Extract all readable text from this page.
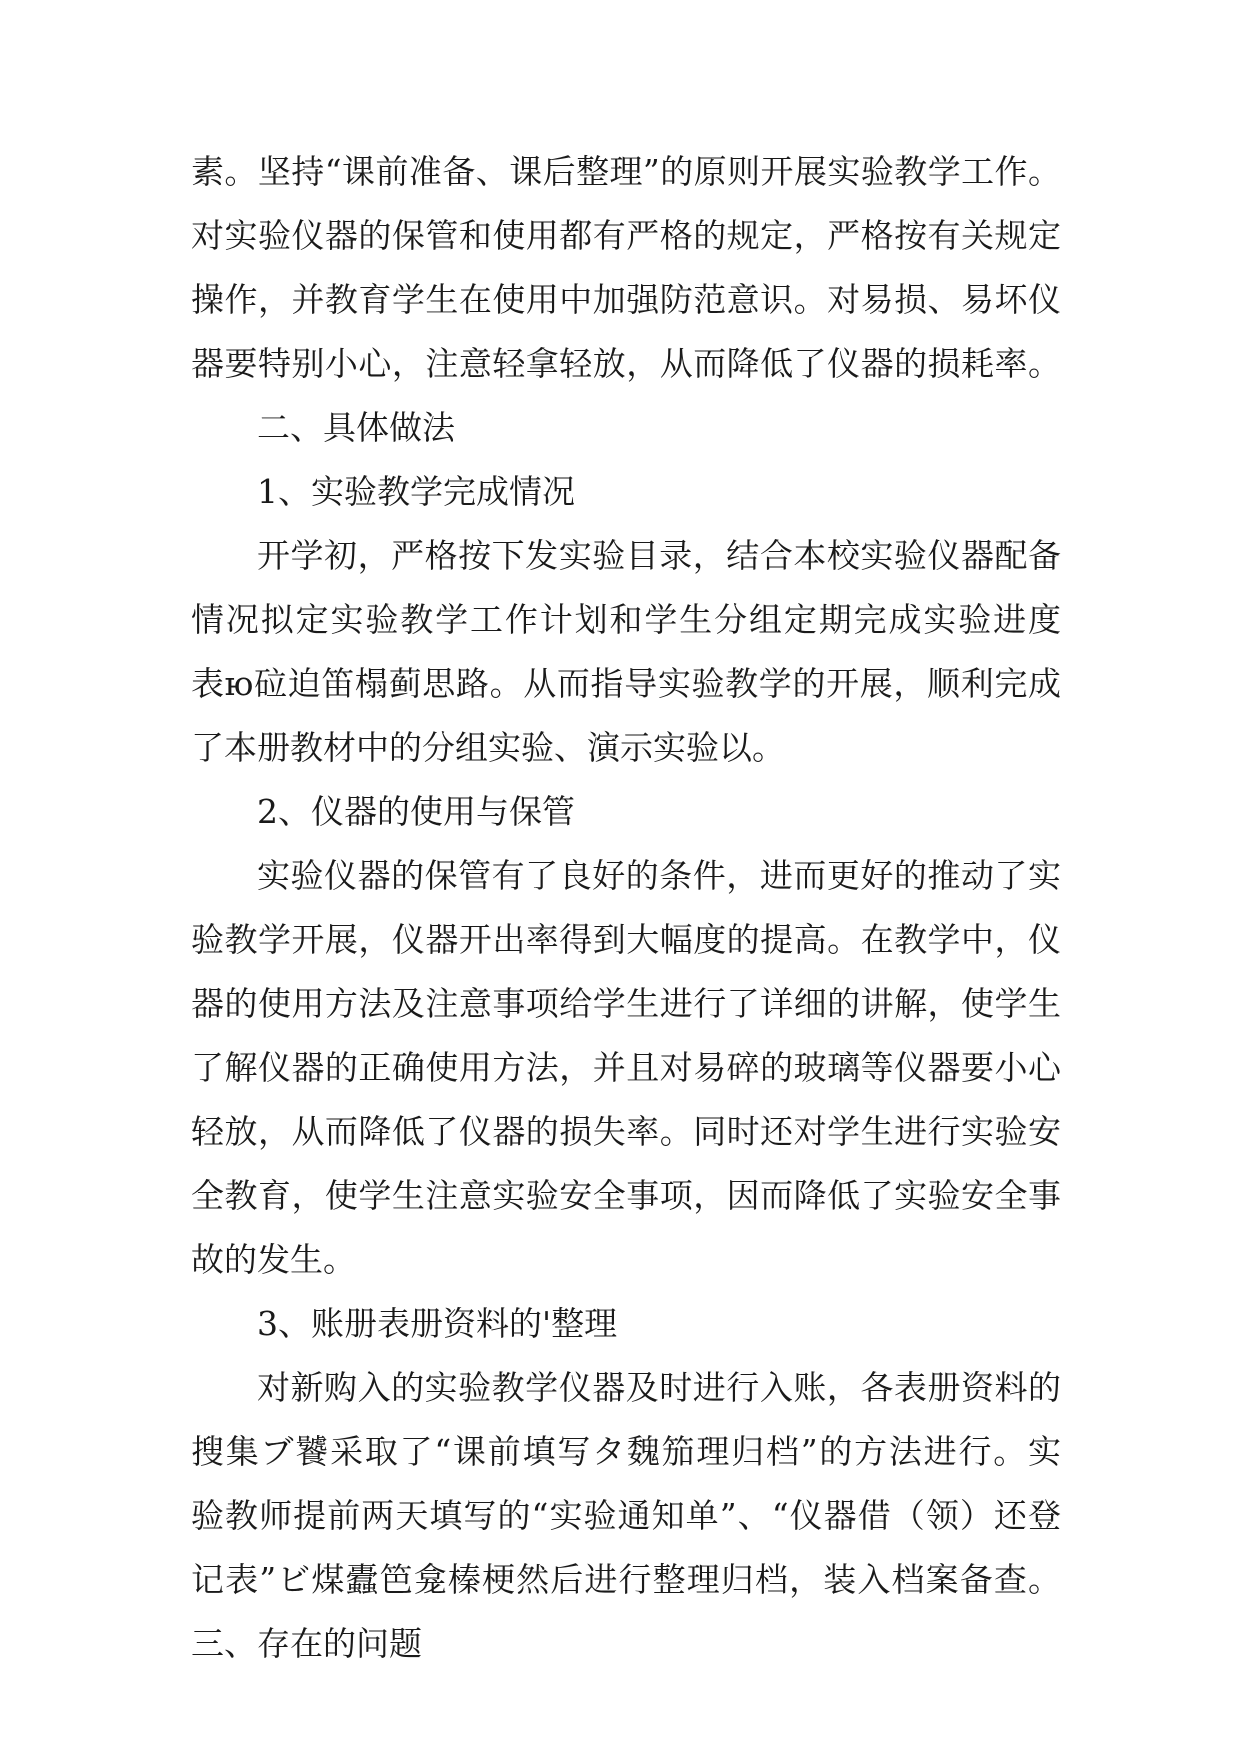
素。坚持“课前准备、课后整理”的原则开展实验教学工作。
对实验仪器的保管和使用都有严格的规定，严格按有关规定
操作，并教育学生在使用中加强防范意识。对易损、易坏仪
器要特别小心，注意轻拿轻放，从而降低了仪器的损耗率。
二、具体做法
1、实验教学完成情况
开学初，严格按下发实验目录，结合本校实验仪器配备
情况拟定实验教学工作计划和学生分组定期完成实验进度
表ю砬迫笛榻蓟思路。从而指导实验教学的开展，顺利完成
了本册教材中的分组实验、演示实验以。
2、仪器的使用与保管
实验仪器的保管有了良好的条件，进而更好的推动了实
验教学开展，仪器开出率得到大幅度的提高。在教学中，仪
器的使用方法及注意事项给学生进行了详细的讲解，使学生
了解仪器的正确使用方法，并且对易碎的玻璃等仪器要小心
轻放，从而降低了仪器的损失率。同时还对学生进行实验安
全教育，使学生注意实验安全事项，因而降低了实验安全事
故的发生。
3、账册表册资料的'整理
对新购入的实验教学仪器及时进行入账，各表册资料的
搜集ブ饕采取了“课前填写タ魏笳理归档”的方法进行。实
验教师提前两天填写的“实验通知单”、“仪器借（领）还登
记表”ビ煤蠹笆龛榛梗然后进行整理归档，装入档案备查。
三、存在的问题
